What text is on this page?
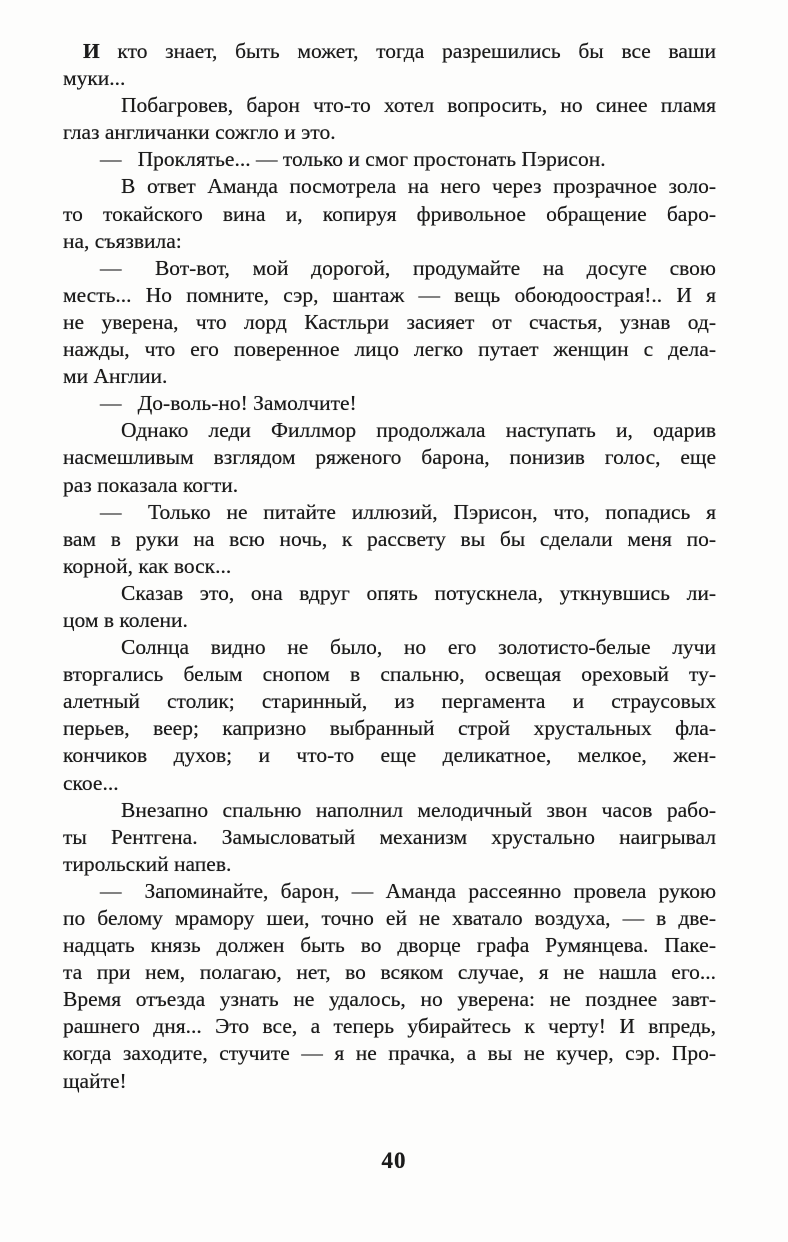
И кто знает, быть может, тогда разрешились бы все ваши
муки...
Побагровев, барон что-то хотел вопросить, но синее пламя
глаз англичанки сожгло и это.
—  Проклятье... — только и смог простонать Пэрисон.
В ответ Аманда посмотрела на него через прозрачное золо-
то токайского вина и, копируя фривольное обращение баро-
на, съязвила:
—  Вот-вот, мой дорогой, продумайте на досуге свою
месть... Но помните, сэр, шантаж — вещь обоюдоострая!.. И я
не уверена, что лорд Кастльри засияет от счастья, узнав од-
нажды, что его поверенное лицо легко путает женщин с дела-
ми Англии.
—  До-воль-но! Замолчите!
Однако леди Филлмор продолжала наступать и, одарив
насмешливым взглядом ряженого барона, понизив голос, еще
раз показала когти.
—  Только не питайте иллюзий, Пэрисон, что, попадись я
вам в руки на всю ночь, к рассвету вы бы сделали меня по-
корной, как воск...
Сказав это, она вдруг опять потускнела, уткнувшись ли-
цом в колени.
Солнца видно не было, но его золотисто-белые лучи
вторгались белым снопом в спальню, освещая ореховый ту-
алетный столик; старинный, из пергамента и страусовых
перьев, веер; капризно выбранный строй хрустальных фла-
кончиков духов; и что-то еще деликатное, мелкое, жен-
ское...
Внезапно спальню наполнил мелодичный звон часов рабо-
ты Рентгена. Замысловатый механизм хрустально наигрывал
тирольский напев.
—  Запоминайте, барон, — Аманда рассеянно провела рукою
по белому мрамору шеи, точно ей не хватало воздуха, — в две-
надцать князь должен быть во дворце графа Румянцева. Паке-
та при нем, полагаю, нет, во всяком случае, я не нашла его...
Время отъезда узнать не удалось, но уверена: не позднее завт-
рашнего дня... Это все, а теперь убирайтесь к черту! И впредь,
когда заходите, стучите — я не прачка, а вы не кучер, сэр. Про-
щайте!
40
